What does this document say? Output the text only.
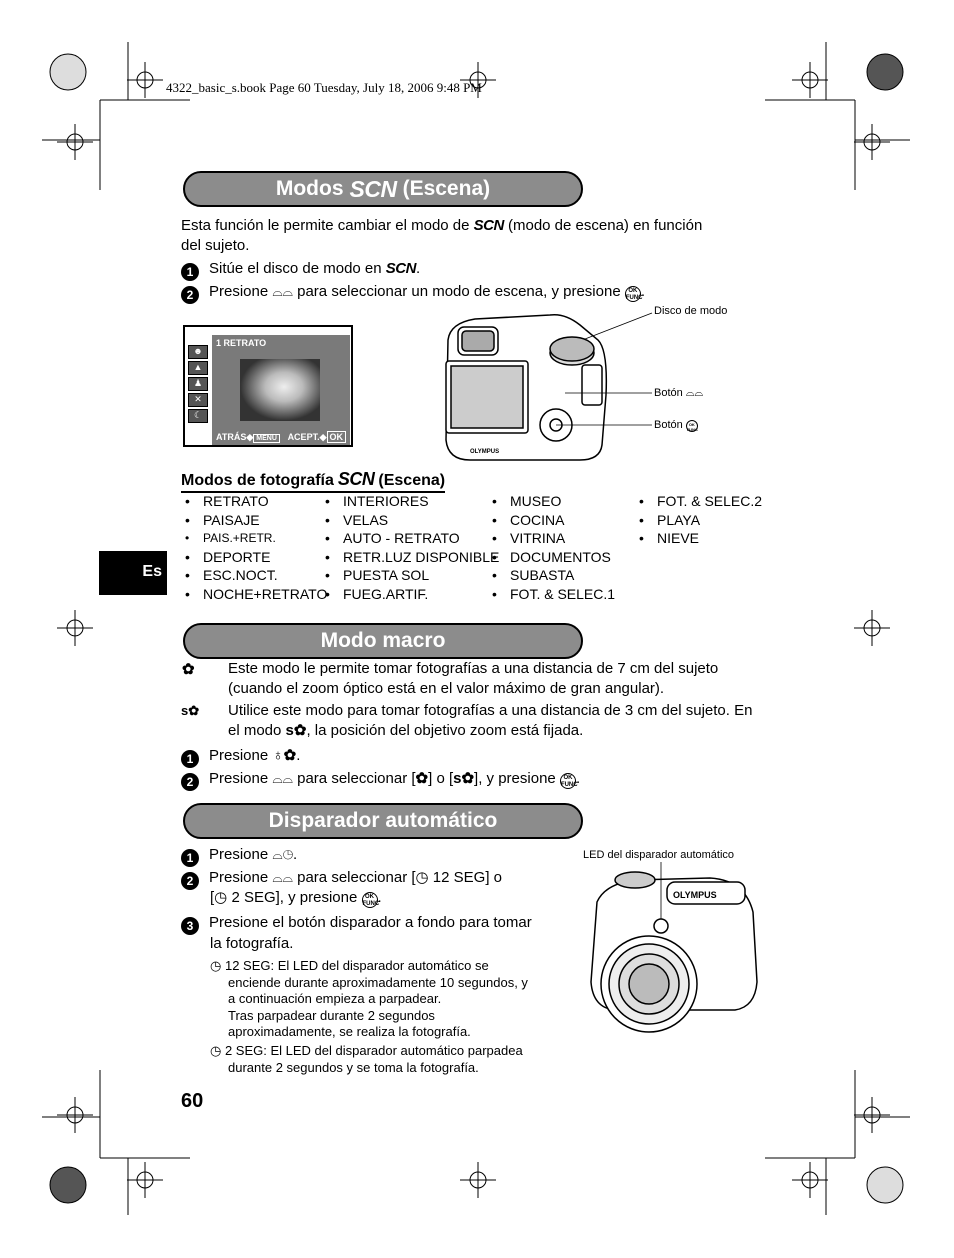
4322_basic_s.book Page 60 Tuesday, July 18, 2006 9:48 PM
Modos SCN (Escena)
Esta función le permite cambiar el modo de SCN (modo de escena) en función
del sujeto.
1 Sitúe el disco de modo en SCN.
2 Presione ⌓⌓ para seleccionar un modo de escena, y presione OK
FUNC.
☻
▲
♟
✕
☾
1 RETRATO
ATRÁS◆ MENU	ACEPT.◆ OK
OLYMPUS
Disco de modo
Botón ⌓⌓
Botón OK
FUNC
Modos de fotografía SCN (Escena)
• RETRATO
• PAISAJE
• PAIS.+RETR.
• DEPORTE
• ESC.NOCT.
• NOCHE+RETRATO
• INTERIORES
• VELAS
• AUTO - RETRATO
• RETR.LUZ DISPONIBLE
• PUESTA SOL
• FUEG.ARTIF.
• MUSEO
• COCINA
• VITRINA
• DOCUMENTOS
• SUBASTA
• FOT. & SELEC.1
• FOT. & SELEC.2
• PLAYA
• NIEVE
Es
Modo macro
✿ Este modo le permite tomar fotografías a una distancia de 7 cm del sujeto
(cuando el zoom óptico está en el valor máximo de gran angular).
s✿ Utilice este modo para tomar fotografías a una distancia de 3 cm del sujeto. En
el modo s✿, la posición del objetivo zoom está fijada.
1 Presione ♁✿.
2 Presione ⌓⌓ para seleccionar [✿] o [s✿], y presione OK
FUNC.
Disparador automático
1 Presione ⌓◷.
2 Presione ⌓⌓ para seleccionar [◷ 12 SEG] o
[◷ 2 SEG], y presione OK
FUNC.
3 Presione el botón disparador a fondo para tomar
la fotografía.
◷ 12 SEG: El LED del disparador automático se
enciende durante aproximadamente 10 segundos, y
a continuación empieza a parpadear.
Tras parpadear durante 2 segundos
aproximadamente, se realiza la fotografía.
◷ 2 SEG: El LED del disparador automático parpadea
durante 2 segundos y se toma la fotografía.
LED del disparador automático
OLYMPUS
60
